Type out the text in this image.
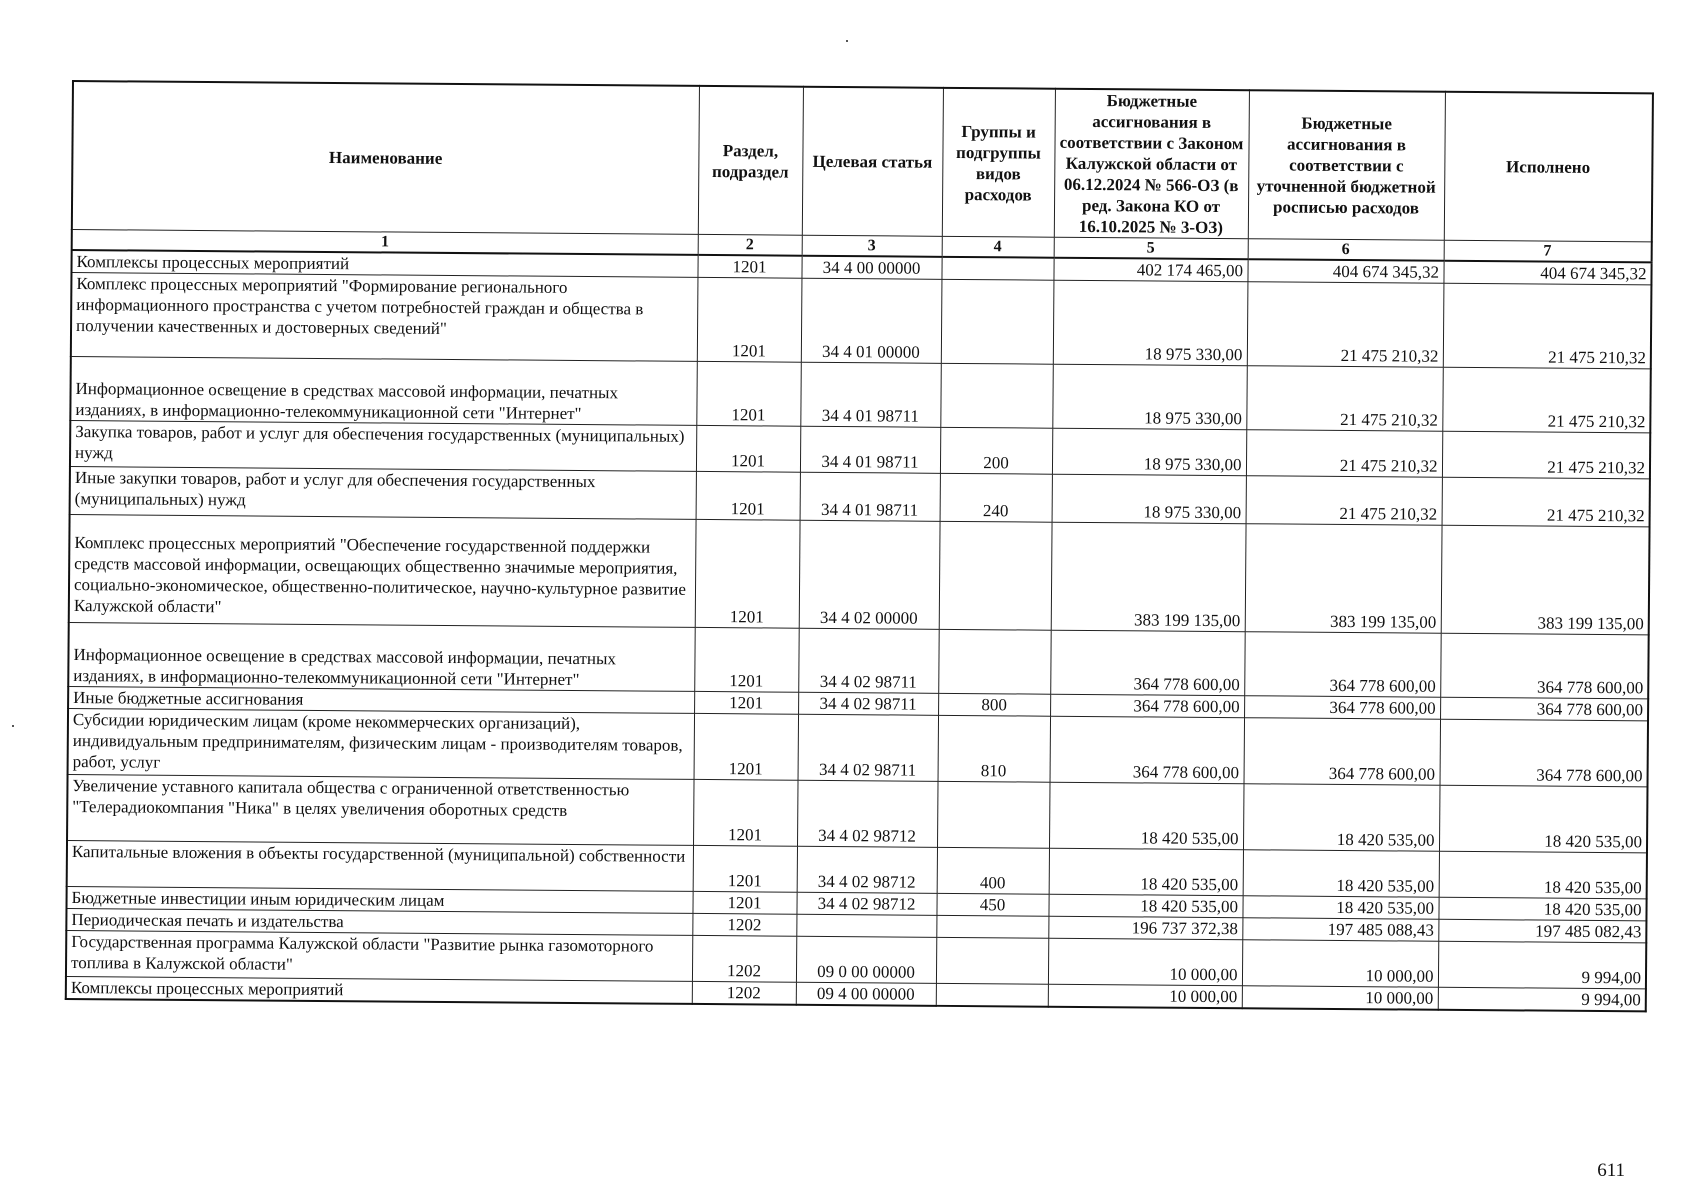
Наименование	Раздел, подраздел	Целевая статья	Группы и подгруппы видов расходов	Бюджетные ассигнования в соответствии с Законом Калужской области от 06.12.2024 № 566-ОЗ (в ред. Закона КО от 16.10.2025 № 3-ОЗ)	Бюджетные ассигнования в соответствии с уточненной бюджетной росписью расходов	Исполнено
1	2	3	4	5	6	7
Комплексы процессных мероприятий	1201	34 4 00 00000		402 174 465,00	404 674 345,32	404 674 345,32
Комплекс процессных мероприятий "Формирование регионального информационного пространства с учетом потребностей граждан и общества в получении качественных и достоверных сведений"	1201	34 4 01 00000		18 975 330,00	21 475 210,32	21 475 210,32
Информационное освещение в средствах массовой информации, печатных изданиях, в информационно-телекоммуникационной сети "Интернет"	1201	34 4 01 98711		18 975 330,00	21 475 210,32	21 475 210,32
Закупка товаров, работ и услуг для обеспечения государственных (муниципальных) нужд	1201	34 4 01 98711	200	18 975 330,00	21 475 210,32	21 475 210,32
Иные закупки товаров, работ и услуг для обеспечения государственных (муниципальных) нужд	1201	34 4 01 98711	240	18 975 330,00	21 475 210,32	21 475 210,32
Комплекс процессных мероприятий "Обеспечение государственной поддержки средств массовой информации, освещающих общественно значимые мероприятия, социально-экономическое, общественно-политическое, научно-культурное развитие Калужской области"	1201	34 4 02 00000		383 199 135,00	383 199 135,00	383 199 135,00
Информационное освещение в средствах массовой информации, печатных изданиях, в информационно-телекоммуникационной сети "Интернет"	1201	34 4 02 98711		364 778 600,00	364 778 600,00	364 778 600,00
Иные бюджетные ассигнования	1201	34 4 02 98711	800	364 778 600,00	364 778 600,00	364 778 600,00
Субсидии юридическим лицам (кроме некоммерческих организаций), индивидуальным предпринимателям, физическим лицам - производителям товаров, работ, услуг	1201	34 4 02 98711	810	364 778 600,00	364 778 600,00	364 778 600,00
Увеличение уставного капитала общества с ограниченной ответственностью "Телерадиокомпания "Ника" в целях увеличения оборотных средств	1201	34 4 02 98712		18 420 535,00	18 420 535,00	18 420 535,00
Капитальные вложения в объекты государственной (муниципальной) собственности	1201	34 4 02 98712	400	18 420 535,00	18 420 535,00	18 420 535,00
Бюджетные инвестиции иным юридическим лицам	1201	34 4 02 98712	450	18 420 535,00	18 420 535,00	18 420 535,00
Периодическая печать и издательства	1202			196 737 372,38	197 485 088,43	197 485 082,43
Государственная программа Калужской области "Развитие рынка газомоторного топлива в Калужской области"	1202	09 0 00 00000		10 000,00	10 000,00	9 994,00
Комплексы процессных мероприятий	1202	09 4 00 00000		10 000,00	10 000,00	9 994,00
611
